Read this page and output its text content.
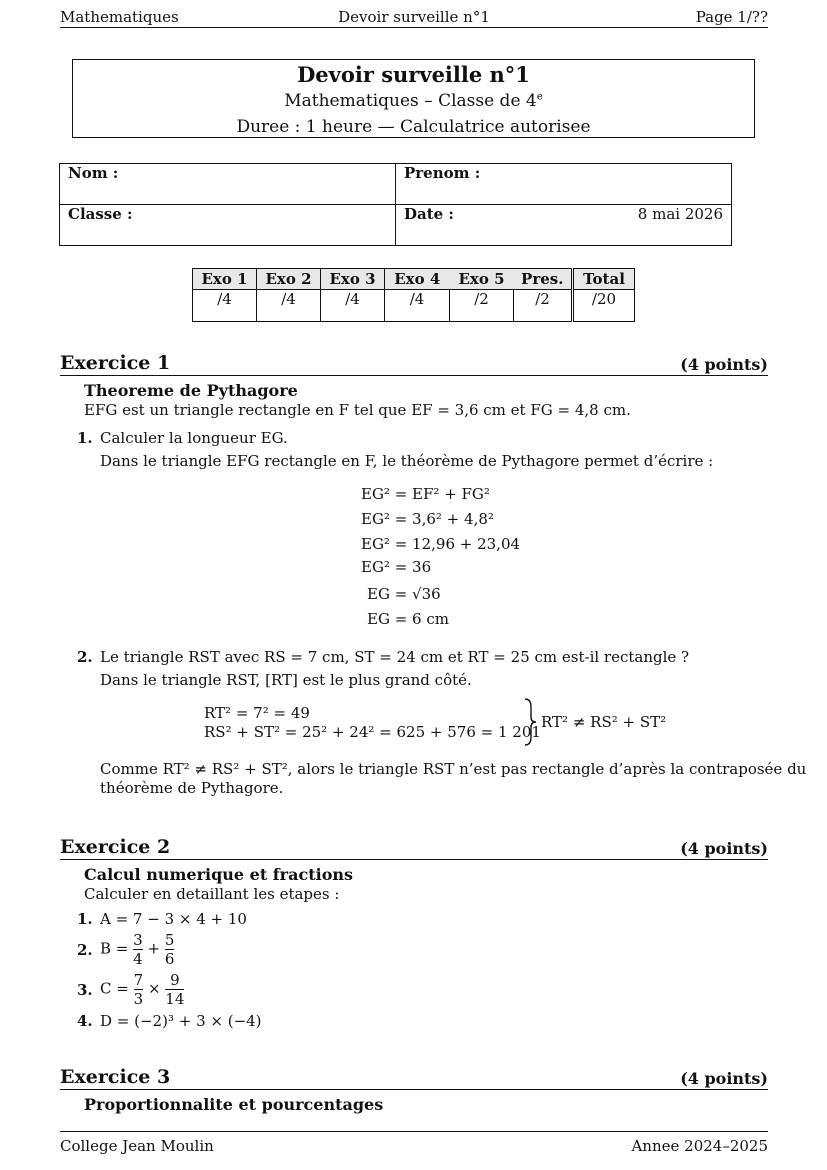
Mathematiques	Devoir surveille n°1	Page 1/??
Devoir surveille n°1
Mathematiques – Classe de 4e
Duree : 1 heure — Calculatrice autorisee
Nom :	Prenom :
Classe :	Date : 8 mai 2026
Exo 1	Exo 2	Exo 3	Exo 4	Exo 5	Pres.	Total
/4	/4	/4	/4	/2	/2	/20
Exercice 1	(4 points)
Theoreme de Pythagore
EFG est un triangle rectangle en F tel que EF = 3,6 cm et FG = 4,8 cm.
1. Calculer la longueur EG.
Dans le triangle EFG rectangle en F, le théorème de Pythagore permet d’écrire :
EG² = EF² + FG²
EG² = 3,6² + 4,8²
EG² = 12,96 + 23,04
EG² = 36
EG = √36
EG = 6 cm
2. Le triangle RST avec RS = 7 cm, ST = 24 cm et RT = 25 cm est-il rectangle ?
Dans le triangle RST, [RT] est le plus grand côté.
RT² = 7² = 49
RS² + ST² = 25² + 24² = 625 + 576 = 1 201
RT² ≠ RS² + ST²
Comme RT² ≠ RS² + ST², alors le triangle RST n’est pas rectangle d’après la contraposée du
théorème de Pythagore.
Exercice 2	(4 points)
Calcul numerique et fractions
Calculer en detaillant les etapes :
1. A = 7 − 3 × 4 + 10
2. $B = \frac{3}{4} + \frac{5}{6}$
3. $C = \frac{7}{3} \times \frac{9}{14}$
4. D = (−2)³ + 3 × (−4)
Exercice 3	(4 points)
Proportionnalite et pourcentages
College Jean Moulin	Annee 2024–2025
